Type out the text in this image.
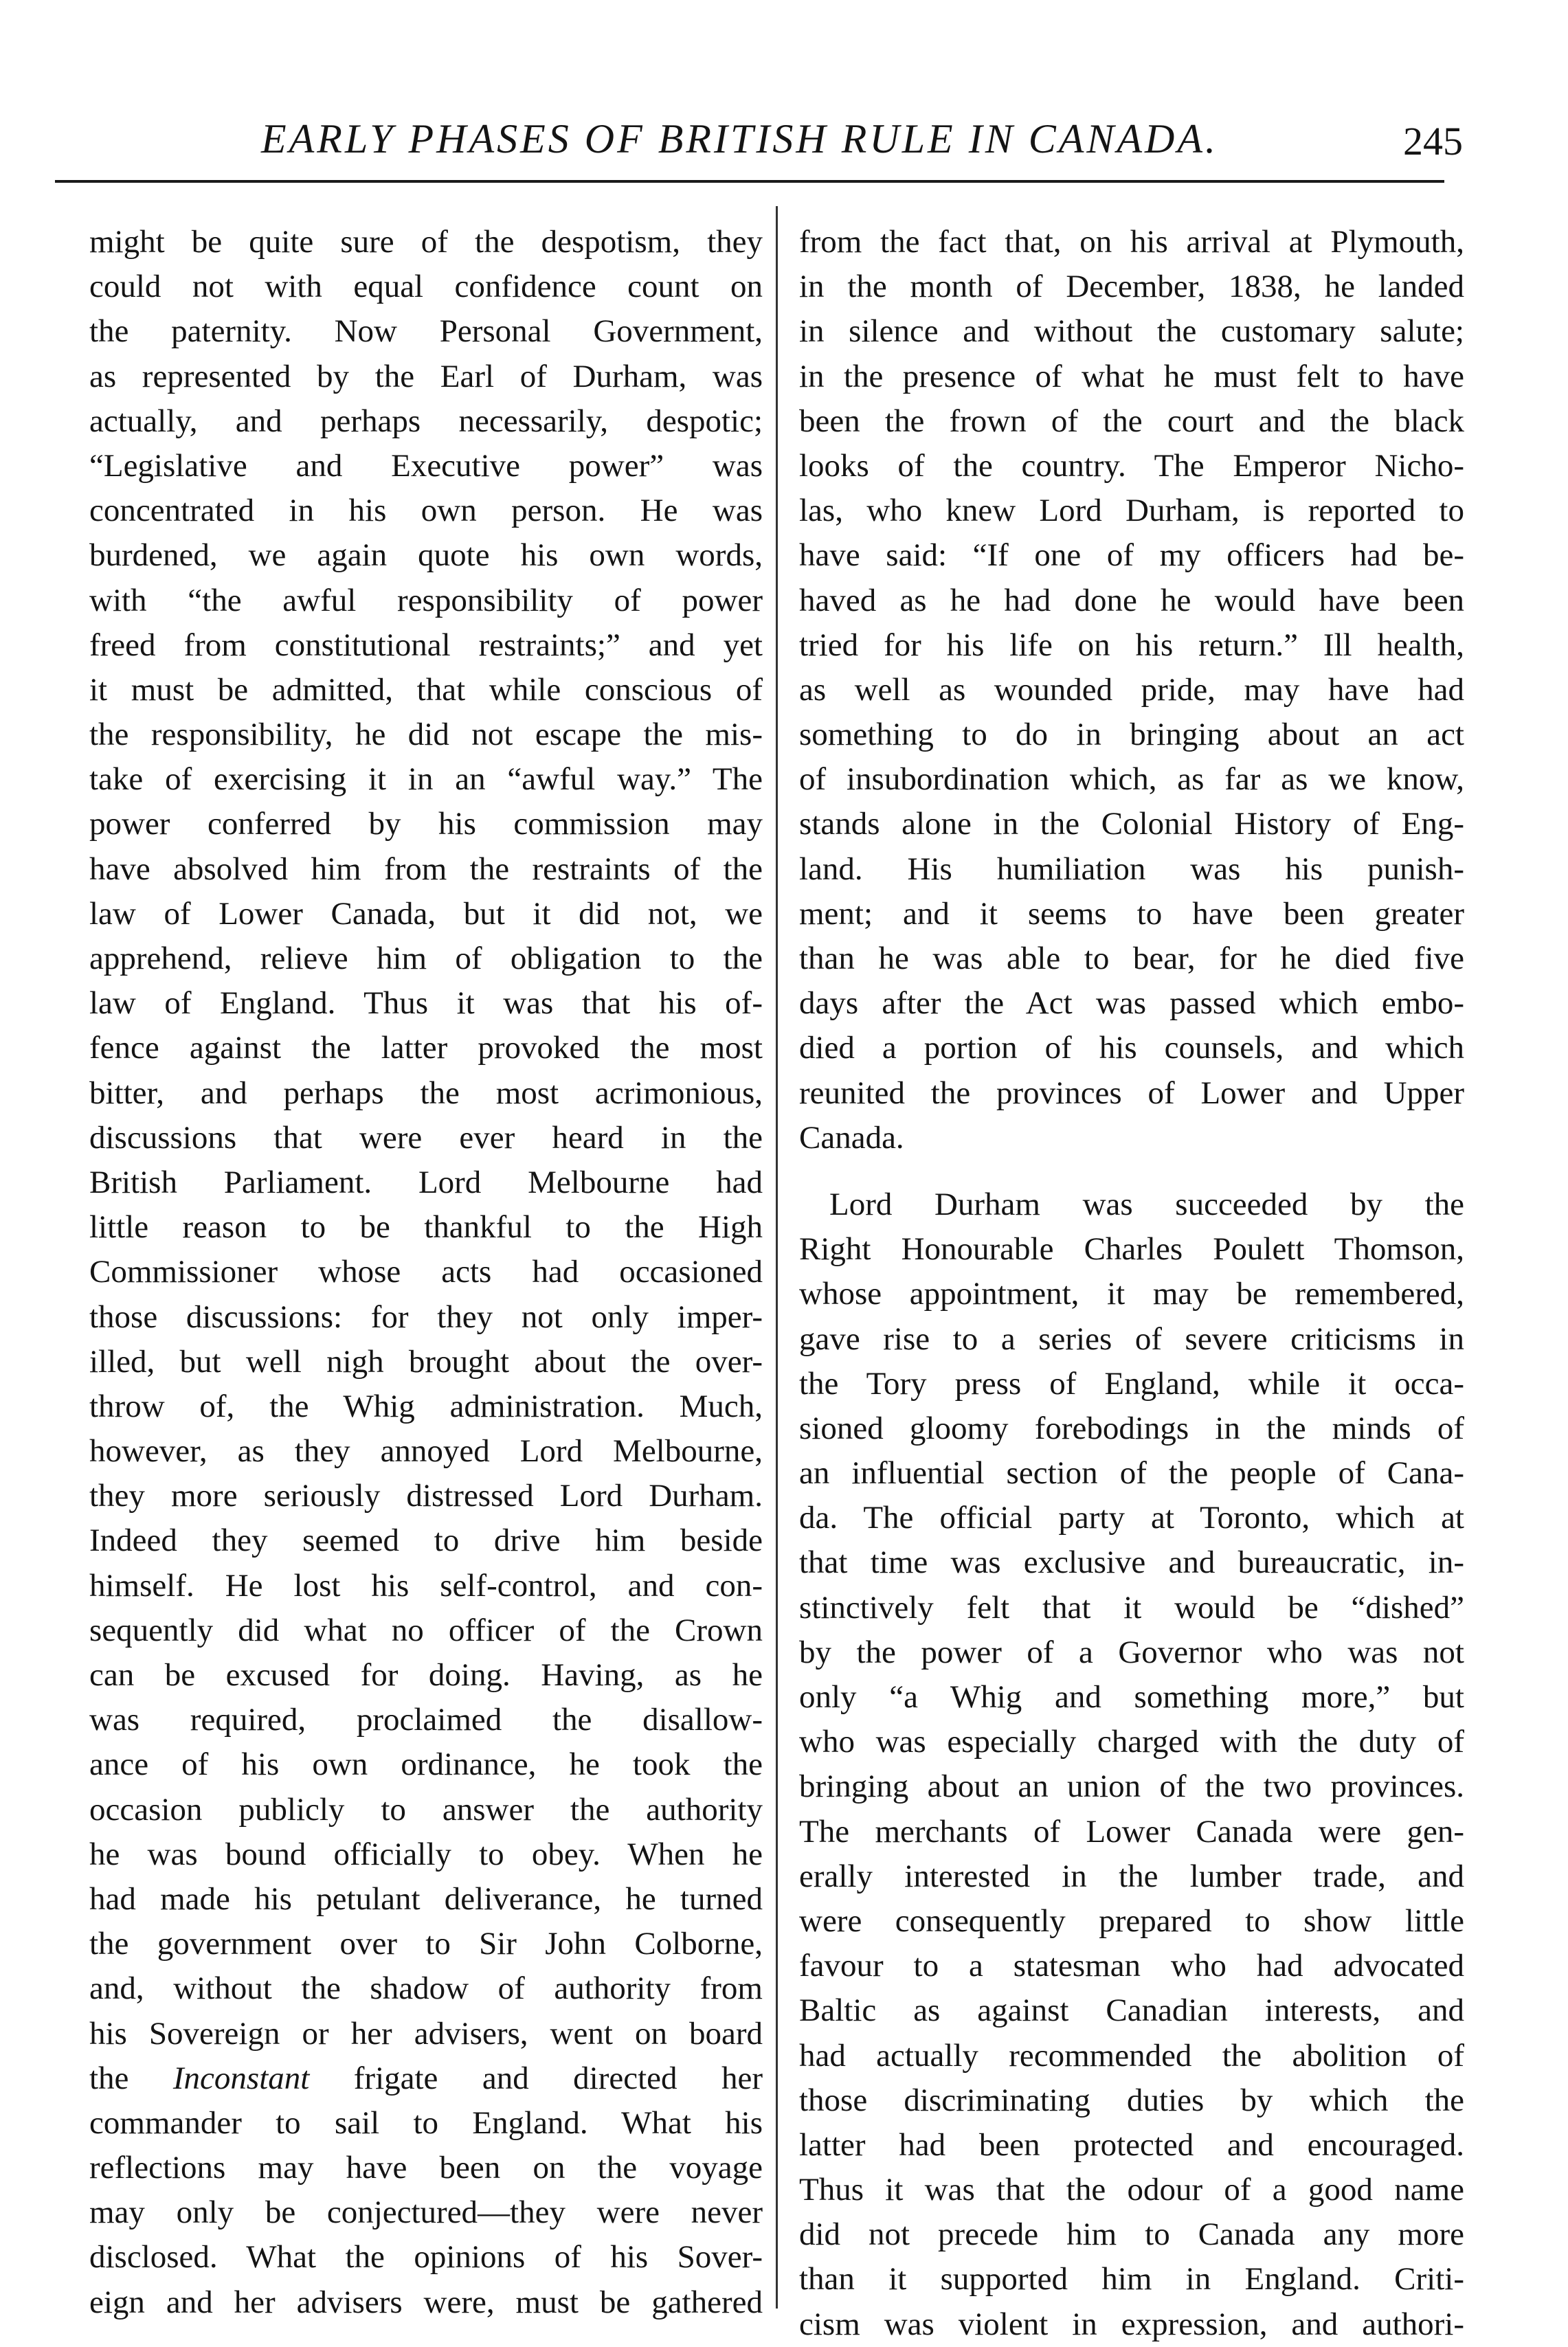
EARLY PHASES OF BRITISH RULE IN CANADA.	245
might be quite sure of the despotism, they
could not with equal confidence count on
the paternity. Now Personal Government,
as represented by the Earl of Durham, was
actually, and perhaps necessarily, despotic;
“Legislative and Executive power” was
concentrated in his own person. He was
burdened, we again quote his own words,
with “the awful responsibility of power
freed from constitutional restraints;” and yet
it must be admitted, that while conscious of
the responsibility, he did not escape the mis-
take of exercising it in an “awful way.” The
power conferred by his commission may
have absolved him from the restraints of the
law of Lower Canada, but it did not, we
apprehend, relieve him of obligation to the
law of England. Thus it was that his of-
fence against the latter provoked the most
bitter, and perhaps the most acrimonious,
discussions that were ever heard in the
British Parliament. Lord Melbourne had
little reason to be thankful to the High
Commissioner whose acts had occasioned
those discussions: for they not only imper-
illed, but well nigh brought about the over-
throw of, the Whig administration. Much,
however, as they annoyed Lord Melbourne,
they more seriously distressed Lord Durham.
Indeed they seemed to drive him beside
himself. He lost his self-control, and con-
sequently did what no officer of the Crown
can be excused for doing. Having, as he
was required, proclaimed the disallow-
ance of his own ordinance, he took the
occasion publicly to answer the authority
he was bound officially to obey. When he
had made his petulant deliverance, he turned
the government over to Sir John Colborne,
and, without the shadow of authority from
his Sovereign or her advisers, went on board
the Inconstant frigate and directed her
commander to sail to England. What his
reflections may have been on the voyage
may only be conjectured—they were never
disclosed. What the opinions of his Sover-
eign and her advisers were, must be gathered
from the fact that, on his arrival at Plymouth,
in the month of December, 1838, he landed
in silence and without the customary salute;
in the presence of what he must felt to have
been the frown of the court and the black
looks of the country. The Emperor Nicho-
las, who knew Lord Durham, is reported to
have said: “If one of my officers had be-
haved as he had done he would have been
tried for his life on his return.” Ill health,
as well as wounded pride, may have had
something to do in bringing about an act
of insubordination which, as far as we know,
stands alone in the Colonial History of Eng-
land. His humiliation was his punish-
ment; and it seems to have been greater
than he was able to bear, for he died five
days after the Act was passed which embo-
died a portion of his counsels, and which
reunited the provinces of Lower and Upper
Canada.
Lord Durham was succeeded by the
Right Honourable Charles Poulett Thomson,
whose appointment, it may be remembered,
gave rise to a series of severe criticisms in
the Tory press of England, while it occa-
sioned gloomy forebodings in the minds of
an influential section of the people of Cana-
da. The official party at Toronto, which at
that time was exclusive and bureaucratic, in-
stinctively felt that it would be “dished”
by the power of a Governor who was not
only “a Whig and something more,” but
who was especially charged with the duty of
bringing about an union of the two provinces.
The merchants of Lower Canada were gen-
erally interested in the lumber trade, and
were consequently prepared to show little
favour to a statesman who had advocated
Baltic as against Canadian interests, and
had actually recommended the abolition of
those discriminating duties by which the
latter had been protected and encouraged.
Thus it was that the odour of a good name
did not precede him to Canada any more
than it supported him in England. Criti-
cism was violent in expression, and authori-
